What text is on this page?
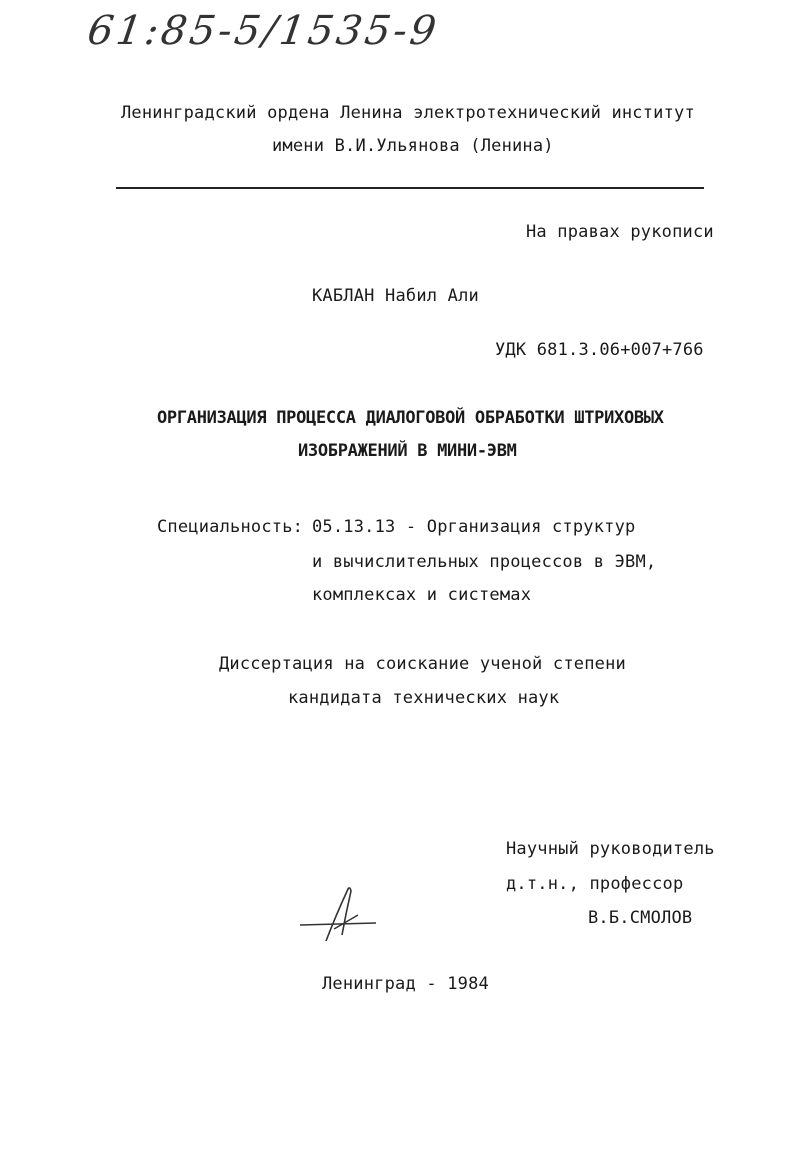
61:85-5/1535-9
Ленинградский ордена Ленина электротехнический институт
имени В.И.Ульянова (Ленина)
На правах рукописи
КАБЛАН Набил Али
УДК 681.3.06+007+766
ОРГАНИЗАЦИЯ ПРОЦЕССА ДИАЛОГОВОЙ ОБРАБОТКИ ШТРИХОВЫХ
ИЗОБРАЖЕНИЙ В МИНИ-ЭВМ
Специальность: 05.13.13 - Организация структур
и вычислительных процессов в ЭВМ,
комплексах и системах
Диссертация на соискание ученой степени
кандидата технических наук
Научный руководитель
д.т.н., профессор
В.Б.СМОЛОВ
Ленинград - 1984
